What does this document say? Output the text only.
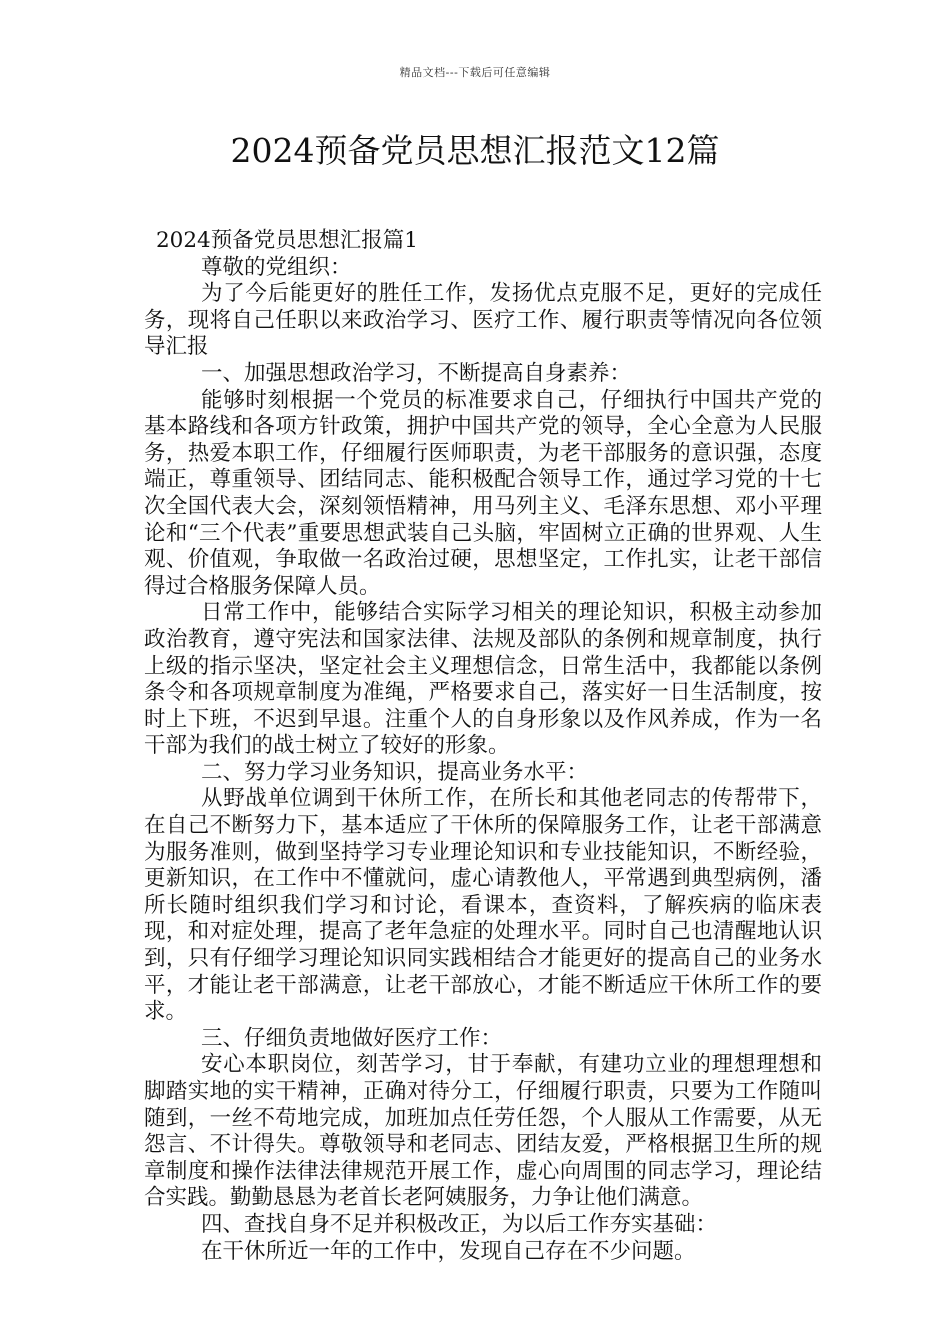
精品文档---下载后可任意编辑
2024预备党员思想汇报范文12篇

2024预备党员思想汇报篇1

尊敬的党组织：

为了今后能更好的胜任工作，发扬优点克服不足，更好的完成任务，现将自己任职以来政治学习、医疗工作、履行职责等情况向各位领导汇报

一、加强思想政治学习，不断提高自身素养：

能够时刻根据一个党员的标准要求自己，仔细执行中国共产党的基本路线和各项方针政策，拥护中国共产党的领导，全心全意为人民服务，热爱本职工作，仔细履行医师职责，为老干部服务的意识强，态度端正，尊重领导、团结同志、能积极配合领导工作，通过学习党的十七次全国代表大会，深刻领悟精神，用马列主义、毛泽东思想、邓小平理论和“三个代表”重要思想武装自己头脑，牢固树立正确的世界观、人生观、价值观，争取做一名政治过硬，思想坚定，工作扎实，让老干部信得过合格服务保障人员。

日常工作中，能够结合实际学习相关的理论知识，积极主动参加政治教育，遵守宪法和国家法律、法规及部队的条例和规章制度，执行上级的指示坚决，坚定社会主义理想信念，日常生活中，我都能以条例条令和各项规章制度为准绳，严格要求自己，落实好一日生活制度，按时上下班，不迟到早退。注重个人的自身形象以及作风养成，作为一名干部为我们的战士树立了较好的形象。

二、努力学习业务知识，提高业务水平：

从野战单位调到干休所工作，在所长和其他老同志的传帮带下，在自己不断努力下，基本适应了干休所的保障服务工作，让老干部满意为服务准则，做到坚持学习专业理论知识和专业技能知识，不断经验，更新知识，在工作中不懂就问，虚心请教他人，平常遇到典型病例，潘所长随时组织我们学习和讨论，看课本，查资料，了解疾病的临床表现，和对症处理，提高了老年急症的处理水平。同时自己也清醒地认识到，只有仔细学习理论知识同实践相结合才能更好的提高自己的业务水平，才能让老干部满意，让老干部放心，才能不断适应干休所工作的要求。

三、仔细负责地做好医疗工作：

安心本职岗位，刻苦学习，甘于奉献，有建功立业的理想理想和脚踏实地的实干精神，正确对待分工，仔细履行职责，只要为工作随叫随到，一丝不苟地完成，加班加点任劳任怨，个人服从工作需要，从无怨言、不计得失。尊敬领导和老同志、团结友爱，严格根据卫生所的规章制度和操作法律法律规范开展工作，虚心向周围的同志学习，理论结合实践。勤勤恳恳为老首长老阿姨服务，力争让他们满意。

四、查找自身不足并积极改正，为以后工作夯实基础：

在干休所近一年的工作中，发现自己存在不少问题。
